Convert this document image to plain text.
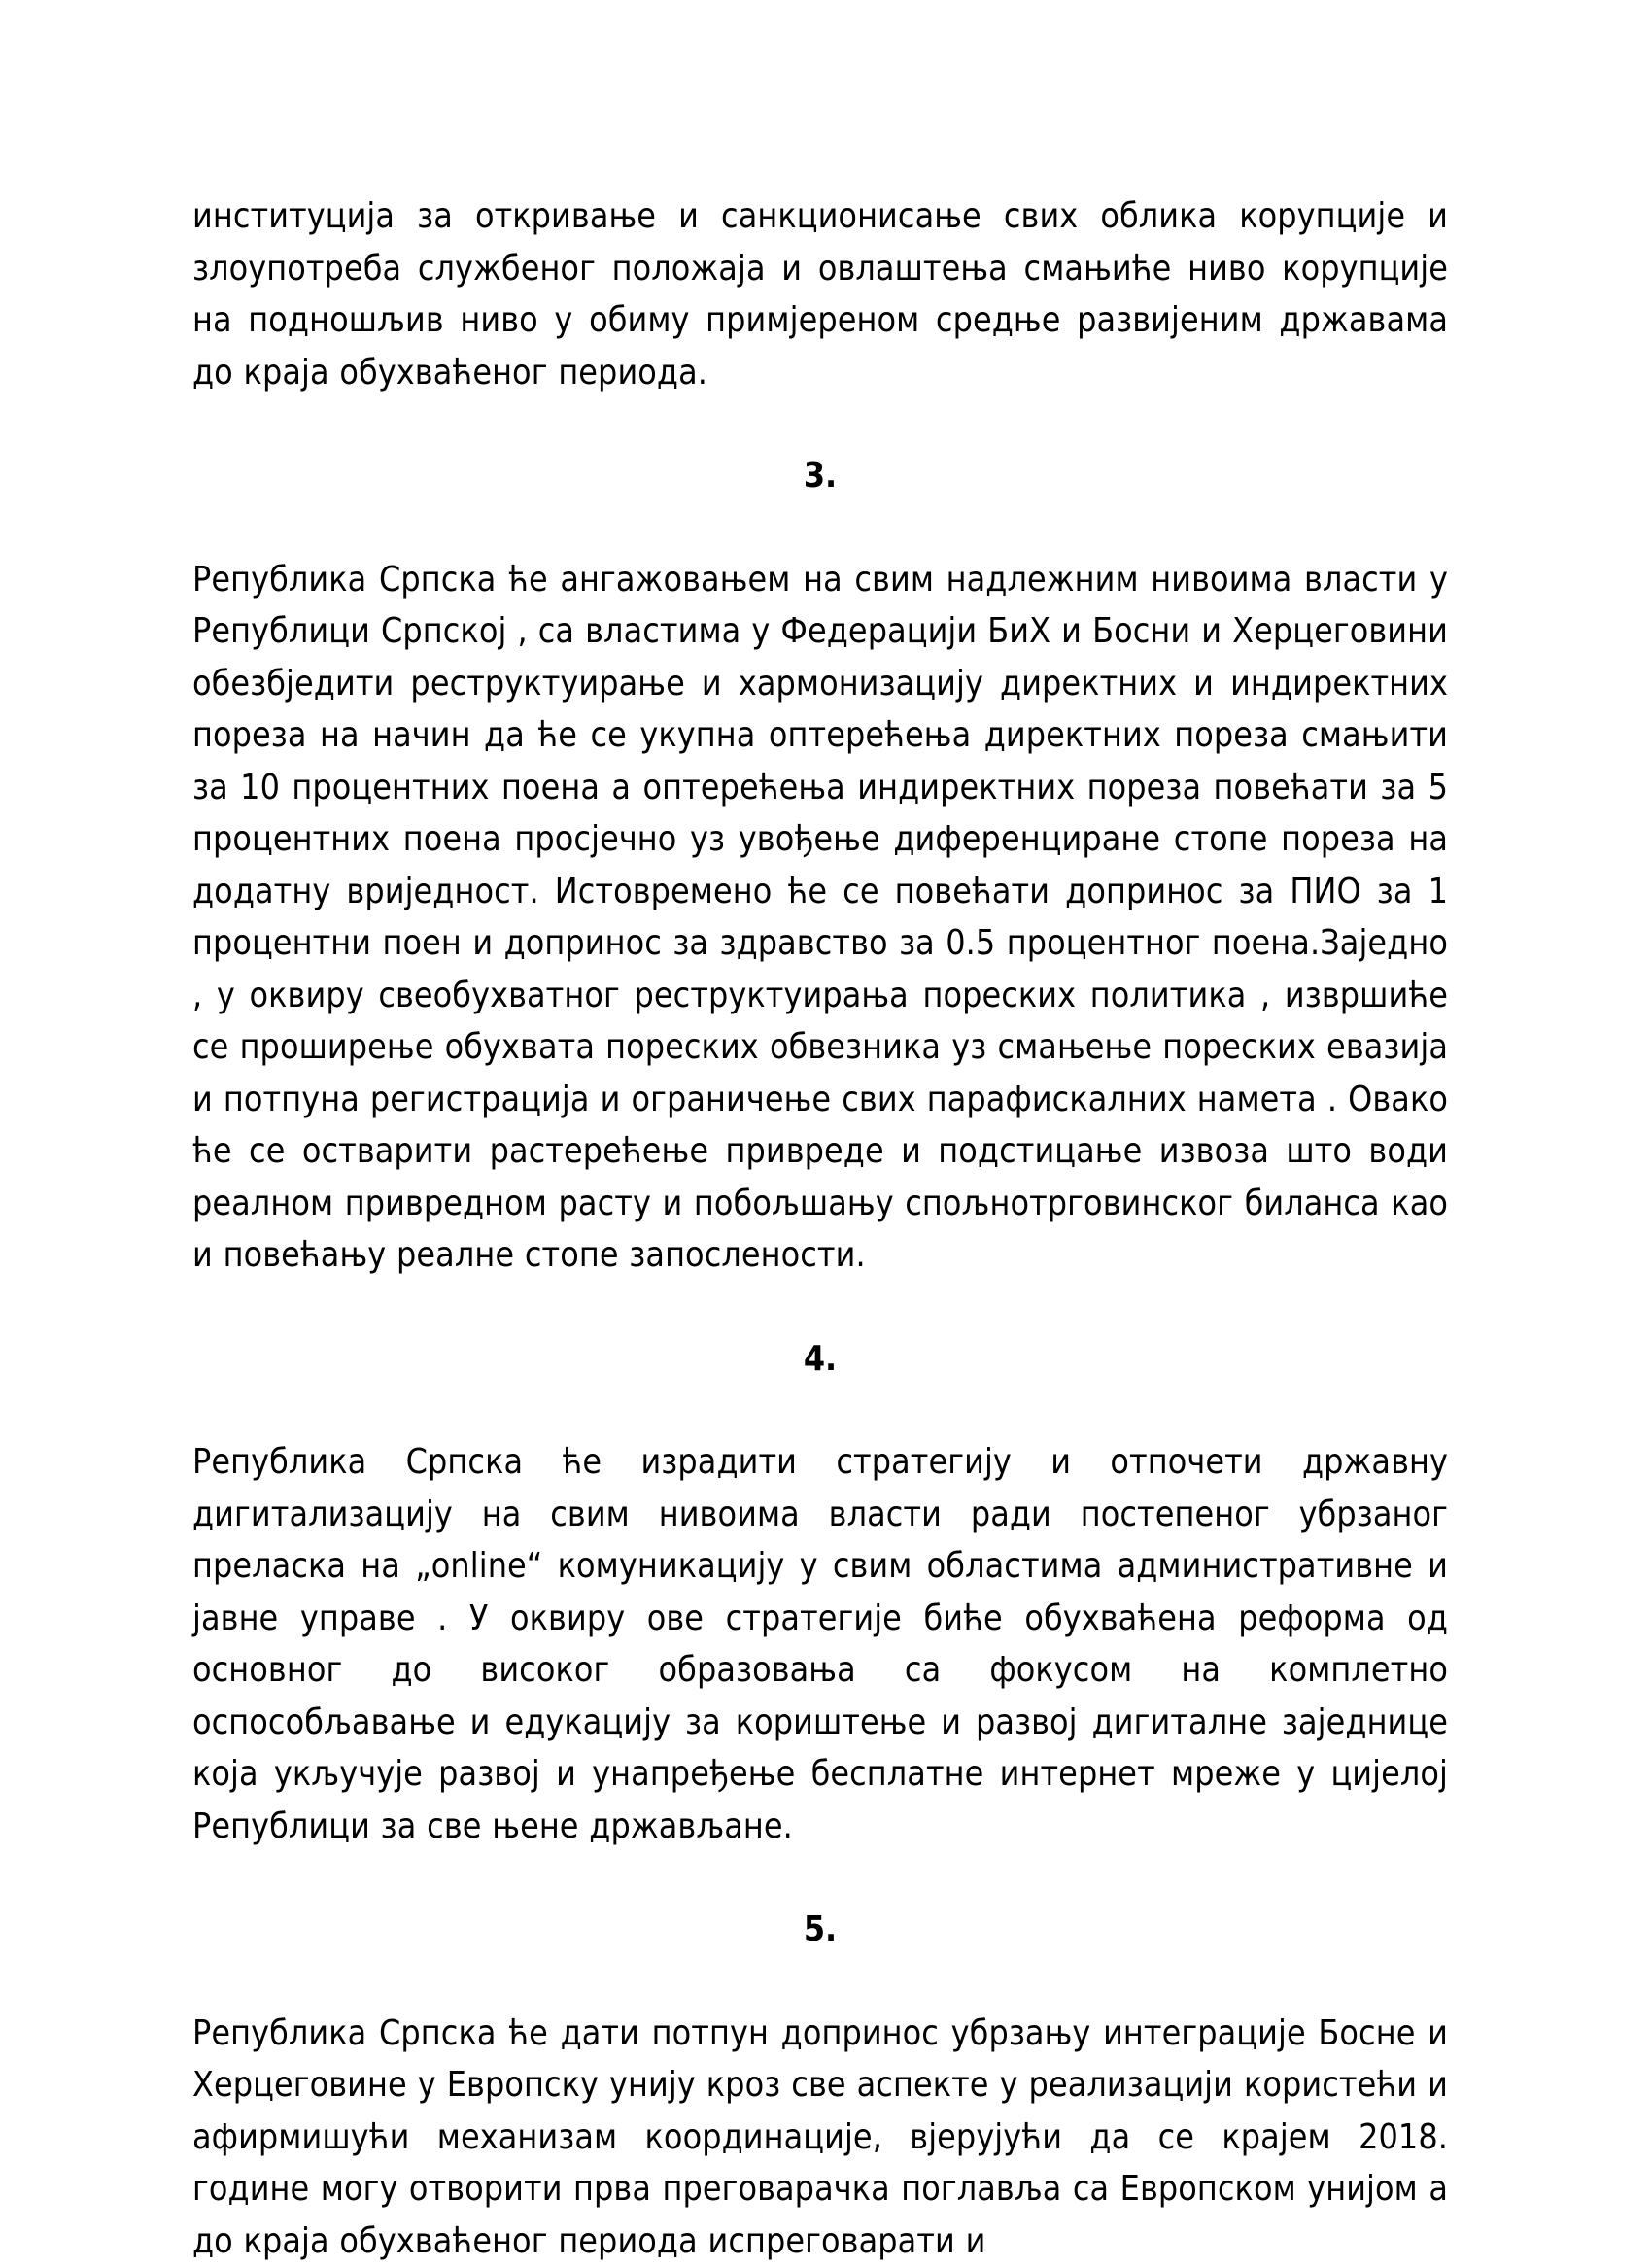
институција за откривање и санкционисање свих облика корупције и злоупотреба службеног положаја и овлаштења смањиће ниво корупције на подношљив ниво у обиму примјереном средње развијеним државама до краја обухваћеног периода.

3.

Република Српска ће ангажовањем на свим надлежним нивоима власти у Републици Српској , са властима у Федерацији БиХ и Босни и Херцеговини обезбједити реструктуирање и хармонизацију директних и индиректних пореза на начин да ће се укупна оптерећења директних пореза смањити за 10 процентних поена а оптерећења индиректних пореза повећати за 5 процентних поена просјечно уз увођење диференциране стопе пореза на додатну вриједност. Истовремено ће се повећати допринос за ПИО за 1 процентни поен и допринос за здравство за 0.5 процентног поена.Заједно , у оквиру свеобухватног реструктуирања пореских политика , извршиће се проширење обухвата пореских обвезника уз смањење пореских евазија и потпуна регистрација и ограничење свих парафискалних намета . Овако ће се остварити растерећење привреде и подстицање извоза што води реалном привредном расту и побољшању спољнотрговинског биланса као и повећању реалне стопе запослености.

4.

Република Српска ће израдити стратегију и отпочети државну дигитализацију на свим нивоима власти ради постепеног убрзаног преласка на „online“ комуникацију у свим областима административне и јавне управе . У оквиру ове стратегије биће обухваћена реформа од основног до високог образовања са фокусом на комплетно оспособљавање и едукацију за кориштење и развој дигиталне заједнице која укључује развој и унапређење бесплатне интернет мреже у цијелој Републици за све њене држављане.

5.

Република Српска ће дати потпун допринос убрзању интеграције Босне и Херцеговине у Европску унију кроз све аспекте у реализацији користећи и афирмишући механизам координације, вјерујући да се крајем 2018. године могу отворити прва преговарачка поглавља са Европском унијом а до краја обухваћеног периода испреговарати и
